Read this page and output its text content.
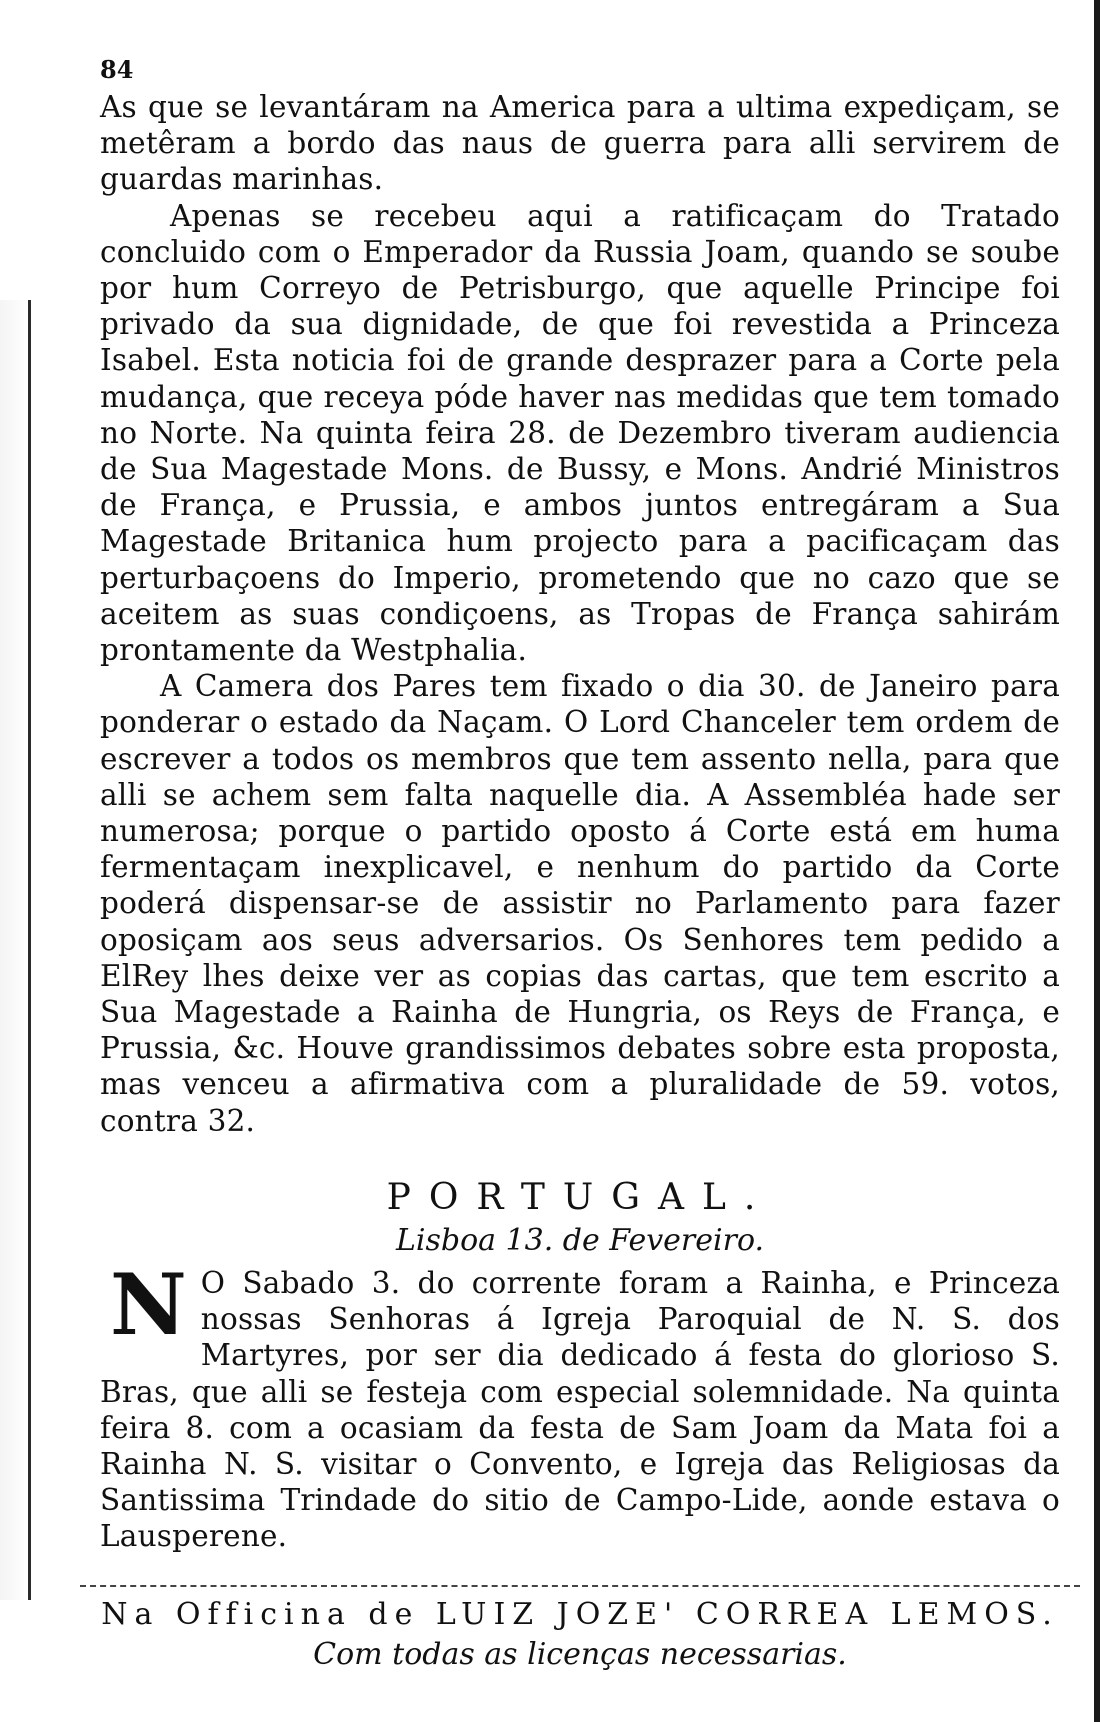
84

As que se levantáram na America para a ultima expediçam, se metêram a bordo das naus de guerra para alli servirem de guardas marinhas.

Apenas se recebeu aqui a ratificaçam do Tratado concluido com o Emperador da Russia Joam, quando se soube por hum Correyo de Petrisburgo, que aquelle Principe foi privado da sua dignidade, de que foi revestida a Princeza Isabel. Esta noticia foi de grande desprazer para a Corte pela mudança, que receya póde haver nas medidas que tem tomado no Norte. Na quinta feira 28. de Dezembro tiveram audiencia de Sua Magestade Mons. de Bussy, e Mons. Andrié Ministros de França, e Prussia, e ambos juntos entregáram a Sua Magestade Britanica hum projecto para a pacificaçam das perturbaçoens do Imperio, prometendo que no cazo que se aceitem as suas condiçoens, as Tropas de França sahirám prontamente da Westphalia.

A Camera dos Pares tem fixado o dia 30. de Janeiro para ponderar o estado da Naçam. O Lord Chanceler tem ordem de escrever a todos os membros que tem assento nella, para que alli se achem sem falta naquelle dia. A Assembléa hade ser numerosa; porque o partido oposto á Corte está em huma fermentaçam inexplicavel, e nenhum do partido da Corte poderá dispensar-se de assistir no Parlamento para fazer oposiçam aos seus adversarios. Os Senhores tem pedido a ElRey lhes deixe ver as copias das cartas, que tem escrito a Sua Magestade a Rainha de Hungria, os Reys de França, e Prussia, &c. Houve grandissimos debates sobre esta proposta, mas venceu a afirmativa com a pluralidade de 59. votos, contra 32.

PORTUGAL.
Lisboa 13. de Fevereiro.
N O Sabado 3. do corrente foram a Rainha, e Princeza nossas Senhoras á Igreja Paroquial de N. S. dos Martyres, por ser dia dedicado á festa do glorioso S. Bras, que alli se festeja com especial solemnidade. Na quinta feira 8. com a ocasiam da festa de Sam Joam da Mata foi a Rainha N. S. visitar o Convento, e Igreja das Religiosas da Santissima Trindade do sitio de Campo-Lide, aonde estava o Lausperene.

Na Officina de LUIZ JOZE' CORREA LEMOS.
Com todas as licenças necessarias.
